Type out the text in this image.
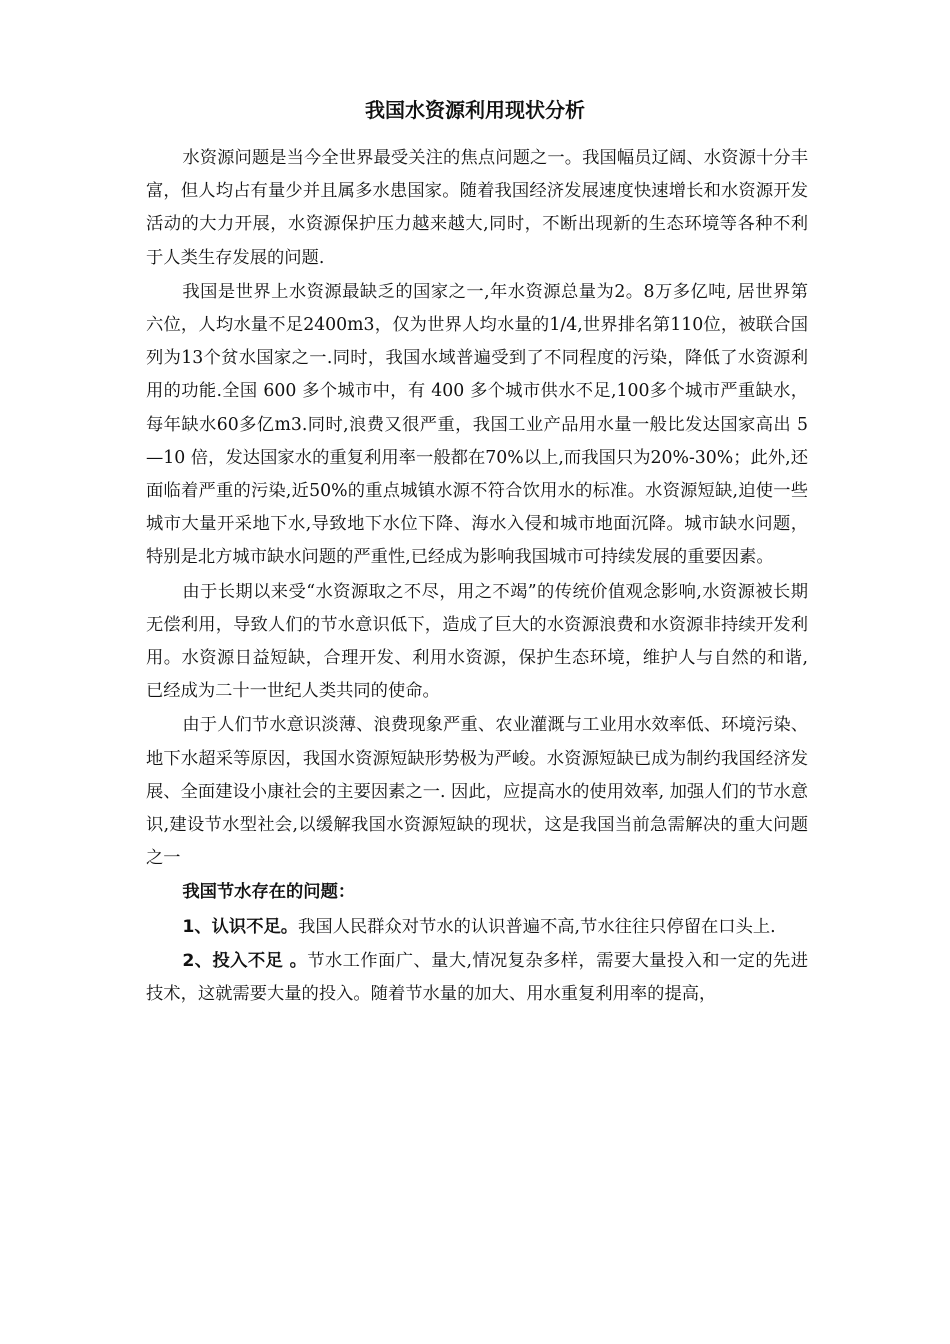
我国水资源利用现状分析

水资源问题是当今全世界最受关注的焦点问题之一。我国幅员辽阔、水资源十分丰富，但人均占有量少并且属多水患国家。随着我国经济发展速度快速增长和水资源开发活动的大力开展，水资源保护压力越来越大,同时，不断出现新的生态环境等各种不利于人类生存发展的问题.

我国是世界上水资源最缺乏的国家之一,年水资源总量为2。8万多亿吨, 居世界第六位，人均水量不足2400m3，仅为世界人均水量的1/4,世界排名第110位，被联合国列为13个贫水国家之一.同时，我国水域普遍受到了不同程度的污染，降低了水资源利用的功能.全国 600 多个城市中，有 400 多个城市供水不足,100多个城市严重缺水，每年缺水60多亿m3.同时,浪费又很严重，我国工业产品用水量一般比发达国家高出 5—10 倍，发达国家水的重复利用率一般都在70%以上,而我国只为20%-30%；此外,还面临着严重的污染,近50%的重点城镇水源不符合饮用水的标准。水资源短缺,迫使一些城市大量开采地下水,导致地下水位下降、海水入侵和城市地面沉降。城市缺水问题，特别是北方城市缺水问题的严重性,已经成为影响我国城市可持续发展的重要因素。

由于长期以来受“水资源取之不尽，用之不竭”的传统价值观念影响,水资源被长期无偿利用，导致人们的节水意识低下，造成了巨大的水资源浪费和水资源非持续开发利用。水资源日益短缺，合理开发、利用水资源，保护生态环境，维护人与自然的和谐,已经成为二十一世纪人类共同的使命。

由于人们节水意识淡薄、浪费现象严重、农业灌溉与工业用水效率低、环境污染、地下水超采等原因，我国水资源短缺形势极为严峻。水资源短缺已成为制约我国经济发展、全面建设小康社会的主要因素之一. 因此，应提高水的使用效率, 加强人们的节水意识,建设节水型社会,以缓解我国水资源短缺的现状，这是我国当前急需解决的重大问题之一

我国节水存在的问题：

1、认识不足。我国人民群众对节水的认识普遍不高,节水往往只停留在口头上.

2、投入不足 。节水工作面广、量大,情况复杂多样，需要大量投入和一定的先进技术，这就需要大量的投入。随着节水量的加大、用水重复利用率的提高，
